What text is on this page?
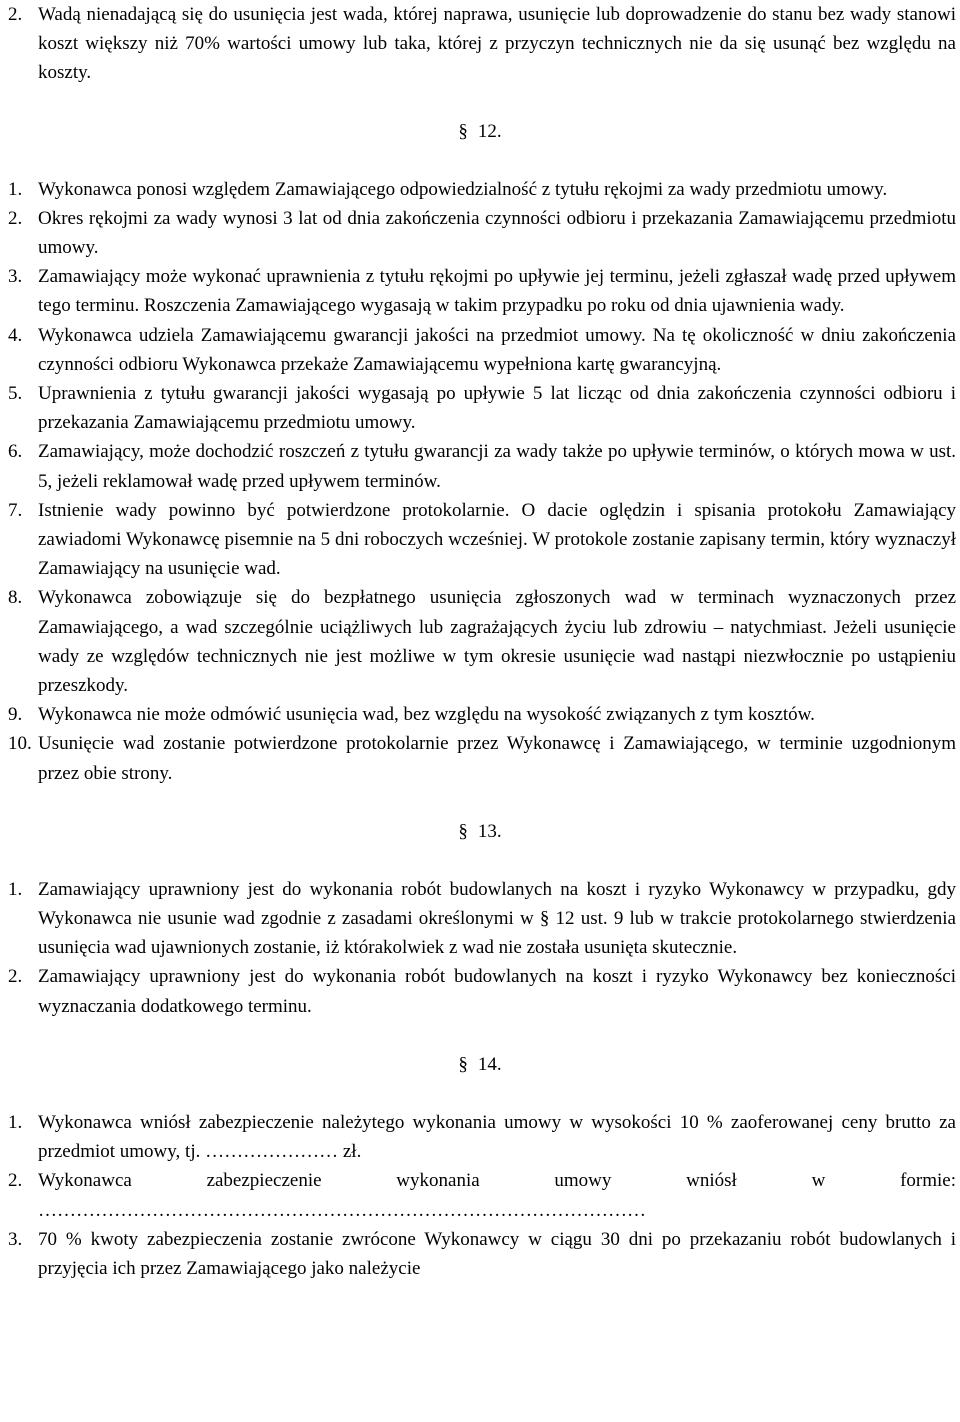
2. Wadą nienadającą się do usunięcia jest wada, której naprawa, usunięcie lub doprowadzenie do stanu bez wady stanowi koszt większy niż 70% wartości umowy lub taka, której z przyczyn technicznych nie da się usunąć bez względu na koszty.
§ 12.
1. Wykonawca ponosi względem Zamawiającego odpowiedzialność z tytułu rękojmi za wady przedmiotu umowy.
2. Okres rękojmi za wady wynosi 3 lat od dnia zakończenia czynności odbioru i przekazania Zamawiającemu przedmiotu umowy.
3. Zamawiający może wykonać uprawnienia z tytułu rękojmi po upływie jej terminu, jeżeli zgłaszał wadę przed upływem tego terminu. Roszczenia Zamawiającego wygasają w takim przypadku po roku od dnia ujawnienia wady.
4. Wykonawca udziela Zamawiającemu gwarancji jakości na przedmiot umowy. Na tę okoliczność w dniu zakończenia czynności odbioru Wykonawca przekaże Zamawiającemu wypełniona kartę gwarancyjną.
5. Uprawnienia z tytułu gwarancji jakości wygasają po upływie 5 lat licząc od dnia zakończenia czynności odbioru i przekazania Zamawiającemu przedmiotu umowy.
6. Zamawiający, może dochodzić roszczeń z tytułu gwarancji za wady także po upływie terminów, o których mowa w ust. 5, jeżeli reklamował wadę przed upływem terminów.
7. Istnienie wady powinno być potwierdzone protokolarnie. O dacie oględzin i spisania protokołu Zamawiający zawiadomi Wykonawcę pisemnie na 5 dni roboczych wcześniej. W protokole zostanie zapisany termin, który wyznaczył Zamawiający na usunięcie wad.
8. Wykonawca zobowiązuje się do bezpłatnego usunięcia zgłoszonych wad w terminach wyznaczonych przez Zamawiającego, a wad szczególnie uciążliwych lub zagrażających życiu lub zdrowiu – natychmiast. Jeżeli usunięcie wady ze względów technicznych nie jest możliwe w tym okresie usunięcie wad nastąpi niezwłocznie po ustąpieniu przeszkody.
9. Wykonawca nie może odmówić usunięcia wad, bez względu na wysokość związanych z tym kosztów.
10. Usunięcie wad zostanie potwierdzone protokolarnie przez Wykonawcę i Zamawiającego, w terminie uzgodnionym przez obie strony.
§ 13.
1. Zamawiający uprawniony jest do wykonania robót budowlanych na koszt i ryzyko Wykonawcy w przypadku, gdy Wykonawca nie usunie wad zgodnie z zasadami określonymi w § 12 ust. 9 lub w trakcie protokolarnego stwierdzenia usunięcia wad ujawnionych zostanie, iż którakolwiek z wad nie została usunięta skutecznie.
2. Zamawiający uprawniony jest do wykonania robót budowlanych na koszt i ryzyko Wykonawcy bez konieczności wyznaczania dodatkowego terminu.
§ 14.
1. Wykonawca wniósł zabezpieczenie należytego wykonania umowy w wysokości 10 % zaoferowanej ceny brutto za przedmiot umowy, tj. ………………… zł.
2. Wykonawca zabezpieczenie wykonania umowy wniósł w formie: ……………………………………………………………………………………
3. 70 % kwoty zabezpieczenia zostanie zwrócone Wykonawcy w ciągu 30 dni po przekazaniu robót budowlanych i przyjęcia ich przez Zamawiającego jako należycie
